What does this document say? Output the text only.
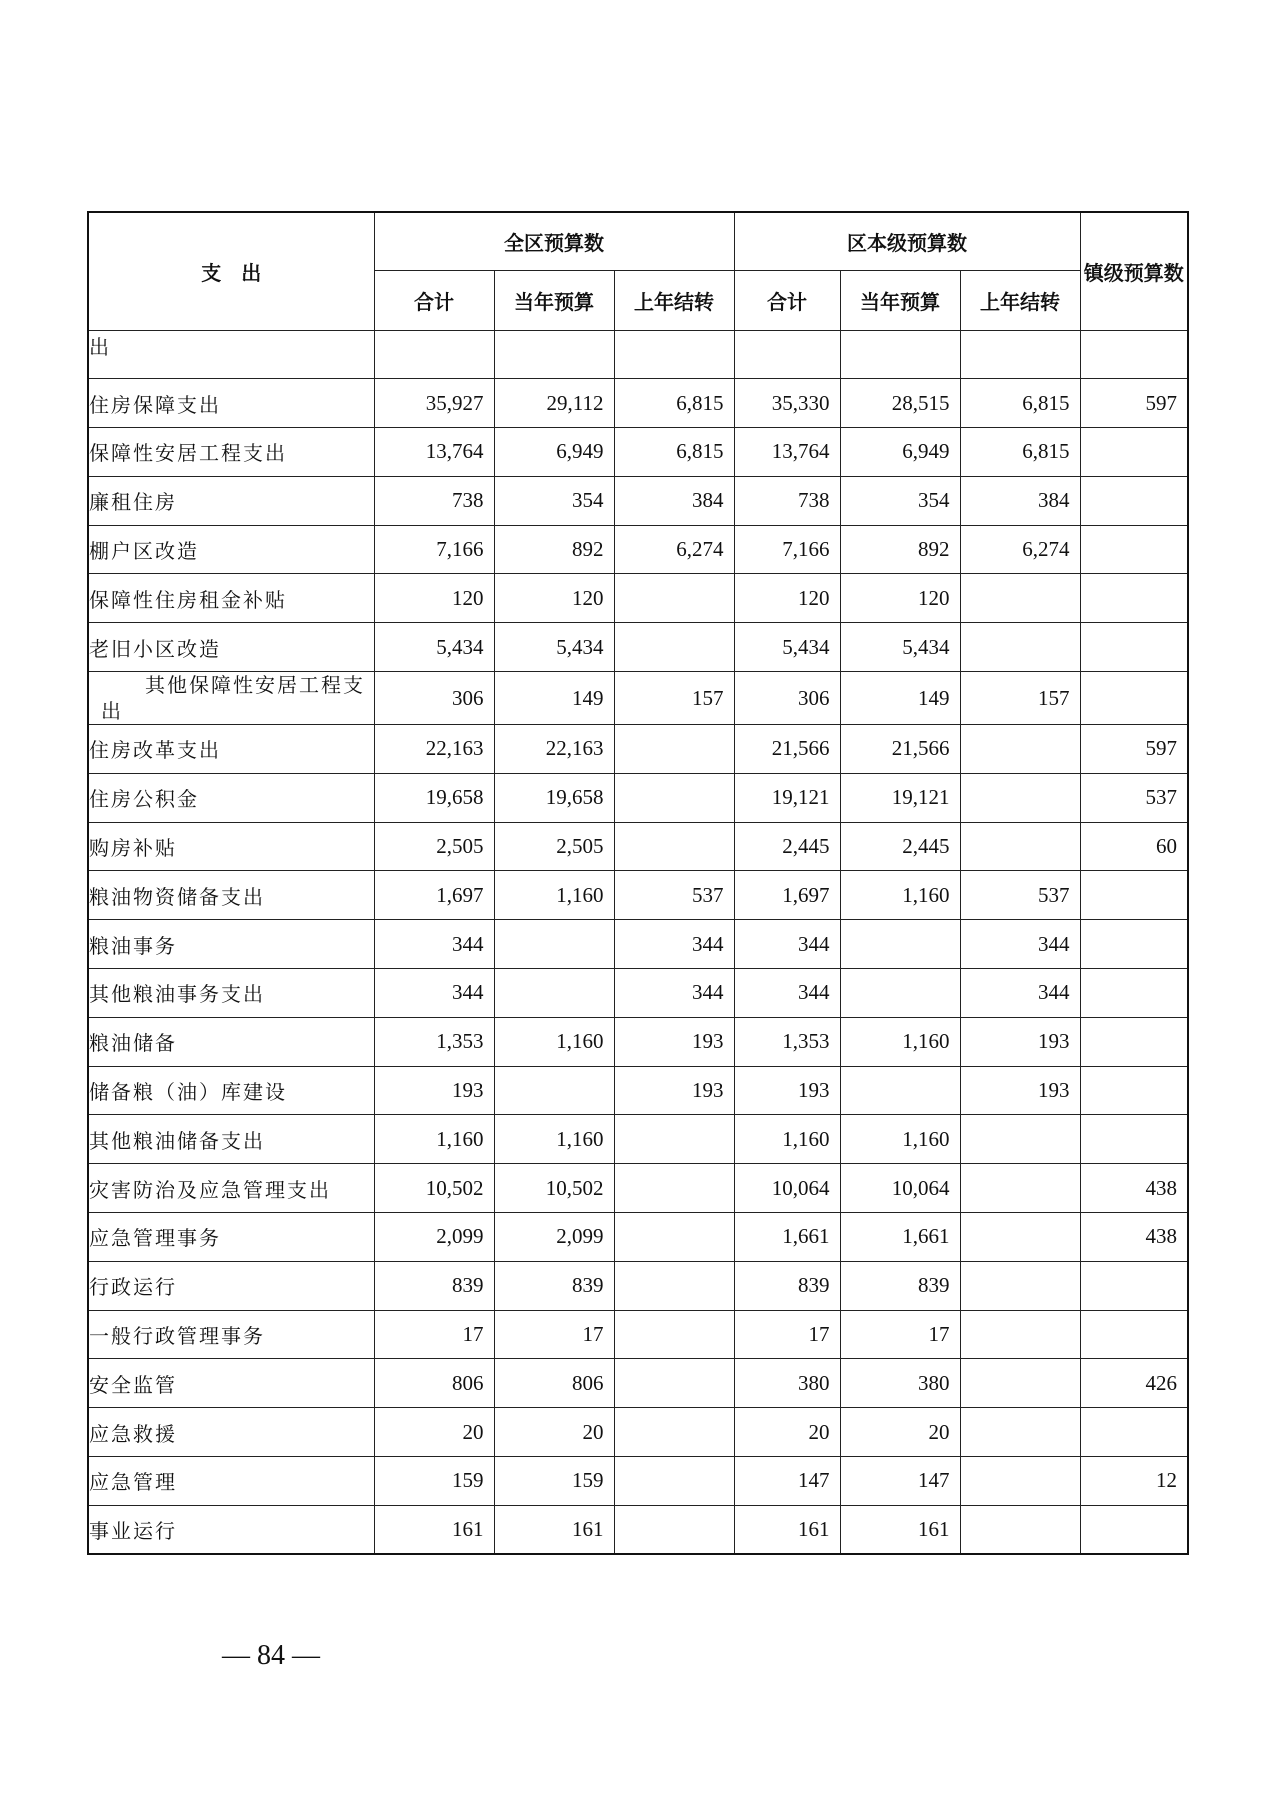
支　出	全区预算数			区本级预算数			镇级预算数
	合计	当年预算	上年结转	合计	当年预算	上年结转	
出							
住房保障支出	35,927	29,112	6,815	35,330	28,515	6,815	597
保障性安居工程支出	13,764	6,949	6,815	13,764	6,949	6,815	
廉租住房	738	354	384	738	354	384	
棚户区改造	7,166	892	6,274	7,166	892	6,274	
保障性住房租金补贴	120	120		120	120		
老旧小区改造	5,434	5,434		5,434	5,434		
其他保障性安居工程支出	306	149	157	306	149	157	
住房改革支出	22,163	22,163		21,566	21,566		597
住房公积金	19,658	19,658		19,121	19,121		537
购房补贴	2,505	2,505		2,445	2,445		60
粮油物资储备支出	1,697	1,160	537	1,697	1,160	537	
粮油事务	344		344	344		344	
其他粮油事务支出	344		344	344		344	
粮油储备	1,353	1,160	193	1,353	1,160	193	
储备粮（油）库建设	193		193	193		193	
其他粮油储备支出	1,160	1,160		1,160	1,160		
灾害防治及应急管理支出	10,502	10,502		10,064	10,064		438
应急管理事务	2,099	2,099		1,661	1,661		438
行政运行	839	839		839	839		
一般行政管理事务	17	17		17	17		
安全监管	806	806		380	380		426
应急救援	20	20		20	20		
应急管理	159	159		147	147		12
事业运行	161	161		161	161		
— 84 —
